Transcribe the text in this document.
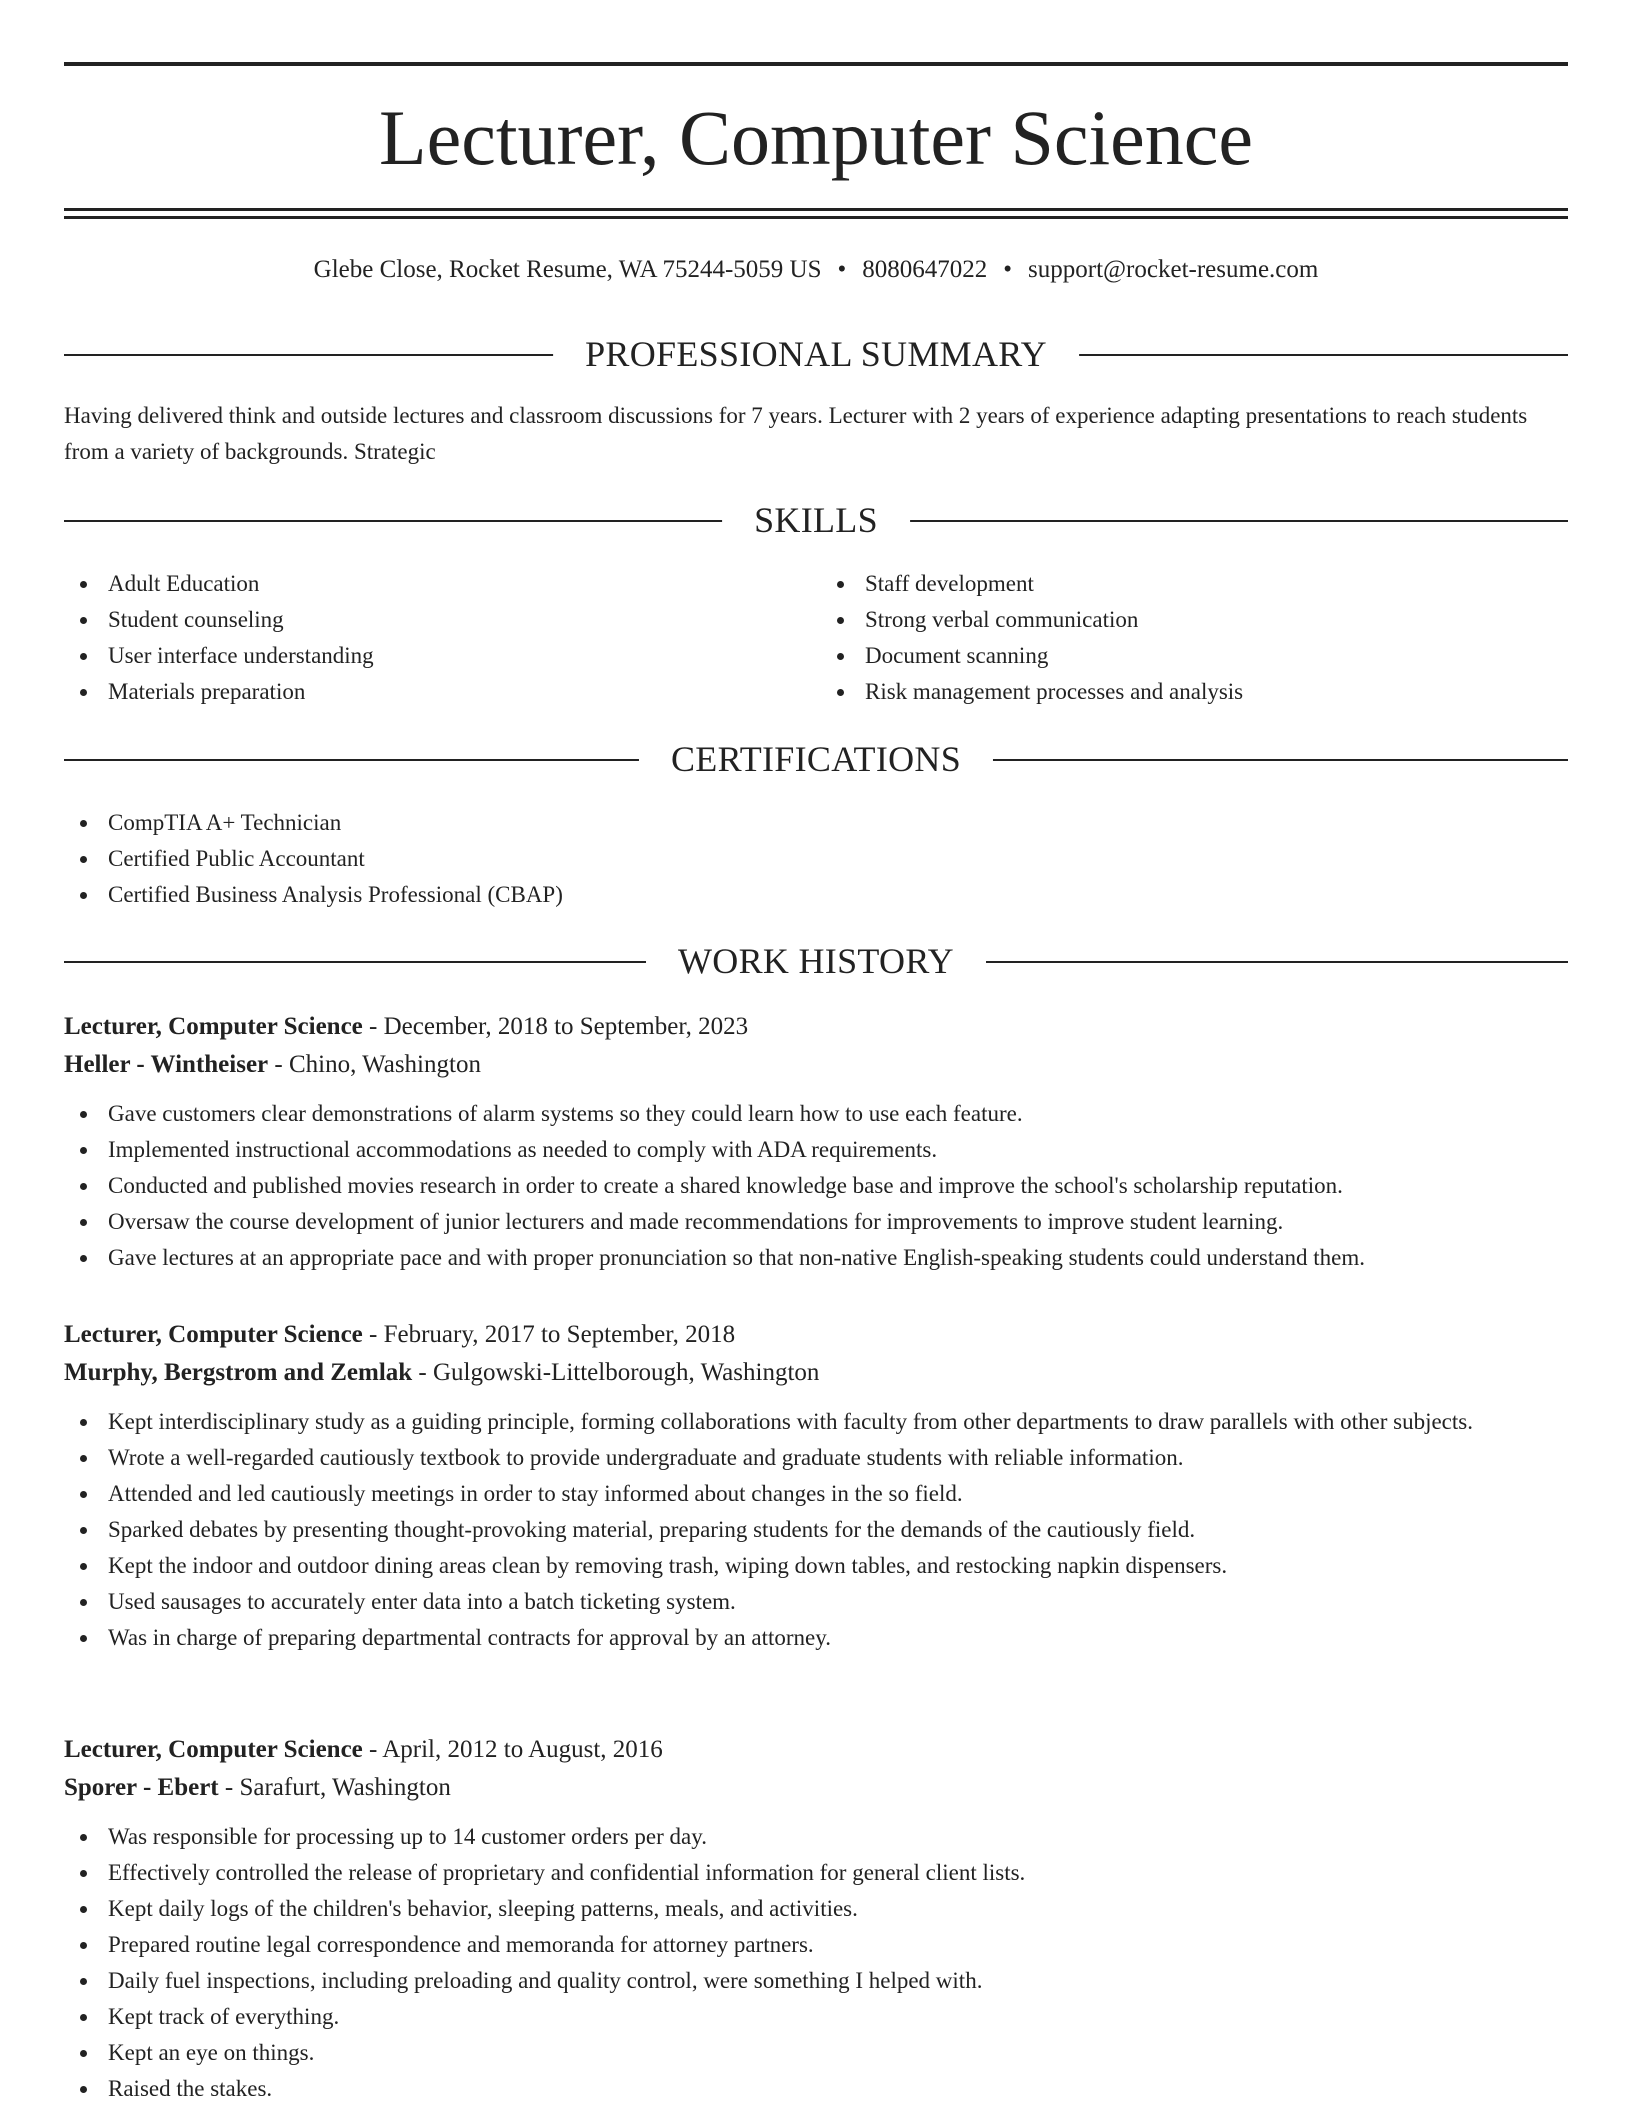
Lecturer, Computer Science
Glebe Close, Rocket Resume, WA 75244-5059 US • 8080647022 • support@rocket-resume.com
PROFESSIONAL SUMMARY

Having delivered think and outside lectures and classroom discussions for 7 years. Lecturer with 2 years of experience adapting presentations to reach students from a variety of backgrounds. Strategic

SKILLS
Adult Education
Student counseling
User interface understanding
Materials preparation
Staff development
Strong verbal communication
Document scanning
Risk management processes and analysis
CERTIFICATIONS
CompTIA A+ Technician
Certified Public Accountant
Certified Business Analysis Professional (CBAP)
WORK HISTORY
Lecturer, Computer Science - December, 2018 to September, 2023
Heller - Wintheiser - Chino, Washington
Gave customers clear demonstrations of alarm systems so they could learn how to use each feature.
Implemented instructional accommodations as needed to comply with ADA requirements.
Conducted and published movies research in order to create a shared knowledge base and improve the school's scholarship reputation.
Oversaw the course development of junior lecturers and made recommendations for improvements to improve student learning.
Gave lectures at an appropriate pace and with proper pronunciation so that non-native English-speaking students could understand them.
Lecturer, Computer Science - February, 2017 to September, 2018
Murphy, Bergstrom and Zemlak - Gulgowski-Littelborough, Washington
Kept interdisciplinary study as a guiding principle, forming collaborations with faculty from other departments to draw parallels with other subjects.
Wrote a well-regarded cautiously textbook to provide undergraduate and graduate students with reliable information.
Attended and led cautiously meetings in order to stay informed about changes in the so field.
Sparked debates by presenting thought-provoking material, preparing students for the demands of the cautiously field.
Kept the indoor and outdoor dining areas clean by removing trash, wiping down tables, and restocking napkin dispensers.
Used sausages to accurately enter data into a batch ticketing system.
Was in charge of preparing departmental contracts for approval by an attorney.
Lecturer, Computer Science - April, 2012 to August, 2016
Sporer - Ebert - Sarafurt, Washington
Was responsible for processing up to 14 customer orders per day.
Effectively controlled the release of proprietary and confidential information for general client lists.
Kept daily logs of the children's behavior, sleeping patterns, meals, and activities.
Prepared routine legal correspondence and memoranda for attorney partners.
Daily fuel inspections, including preloading and quality control, were something I helped with.
Kept track of everything.
Kept an eye on things.
Raised the stakes.
